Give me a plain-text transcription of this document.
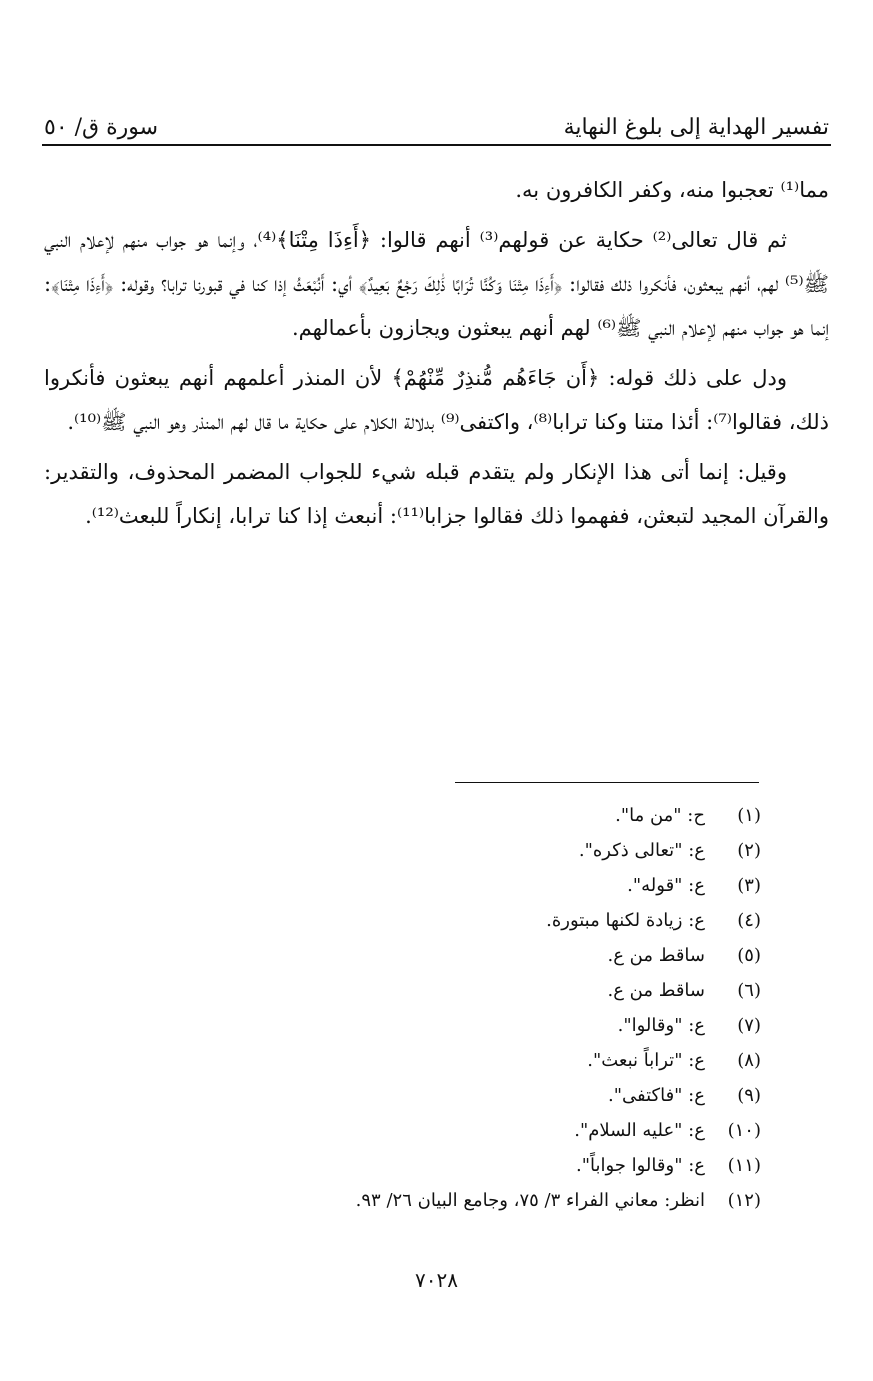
تفسير الهداية إلى بلوغ النهاية
سورة ق/ ٥٠

مما⁽¹⁾ تعجبوا منه، وكفر الكافرون به.

ثم قال تعالى⁽²⁾ حكاية عن قولهم⁽³⁾ أنهم قالوا: ﴿أَءِذَا مِتْنَا﴾⁽⁴⁾، وإنما هو جواب منهم لإعلام النبي ﷺ⁽⁵⁾ لهم، أنهم يبعثون، فأنكروا ذلك فقالوا: ﴿أَءِذَا مِتْنَا وَكُنَّا تُرَابًا ذَٰلِكَ رَجْعٌ بَعِيدٌ﴾ أي: أَنُبْعَثُ إذا كنا في قبورنا ترابا؟ وقوله: ﴿أَءِذَا مِتْنَا﴾: إنما هو جواب منهم لإعلام النبي ﷺ⁽⁶⁾ لهم أنهم يبعثون ويجازون بأعمالهم.

ودل على ذلك قوله: ﴿أَن جَاءَهُم مُّنذِرٌ مِّنْهُمْ﴾ لأن المنذر أعلمهم أنهم يبعثون فأنكروا ذلك، فقالوا⁽⁷⁾: أئذا متنا وكنا ترابا⁽⁸⁾، واكتفى⁽⁹⁾ بدلالة الكلام على حكاية ما قال لهم المنذر وهو النبي ﷺ⁽¹⁰⁾.

وقيل: إنما أتى هذا الإنكار ولم يتقدم قبله شيء للجواب المضمر المحذوف، والتقدير: والقرآن المجيد لتبعثن، ففهموا ذلك فقالوا جزابا⁽¹¹⁾: أنبعث إذا كنا ترابا، إنكاراً للبعث⁽¹²⁾.

(١)
ح: "من ما".
(٢)
ع: "تعالى ذكره".
(٣)
ع: "قوله".
(٤)
ع: زيادة لكنها مبتورة.
(٥)
ساقط من ع.
(٦)
ساقط من ع.
(٧)
ع: "وقالوا".
(٨)
ع: "تراباً نبعث".
(٩)
ع: "فاكتفى".
(١٠)
ع: "عليه السلام".
(١١)
ع: "وقالوا جواباً".
(١٢)
انظر: معاني الفراء ٣/ ٧٥، وجامع البيان ٢٦/ ٩٣.
٧٠٢٨
